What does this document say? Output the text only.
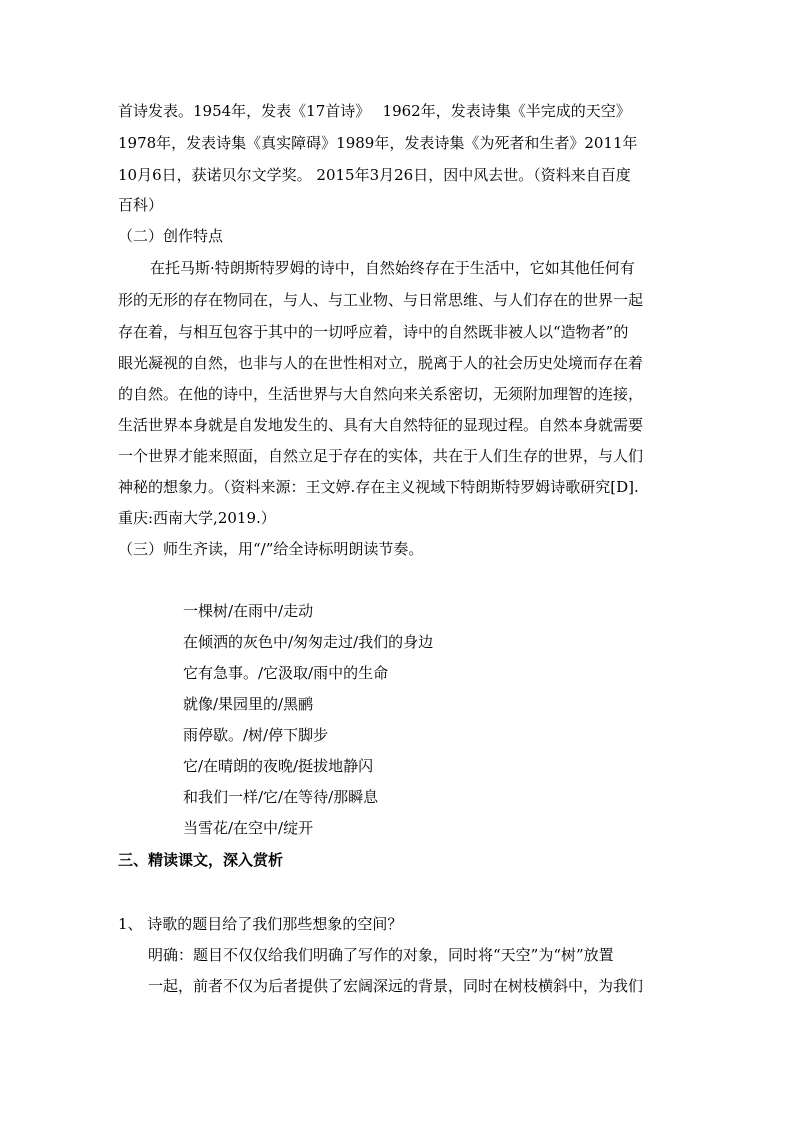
首诗发表。1954年，发表《17首诗》　 1962年，发表诗集《半完成的天空》
1978年，发表诗集《真实障碍》1989年，发表诗集《为死者和生者》2011年
10月6日，获诺贝尔文学奖。 2015年3月26日，因中风去世。（资料来自百度
百科）
（二）创作特点
在托马斯·特朗斯特罗姆的诗中，自然始终存在于生活中，它如其他任何有
形的无形的存在物同在，与人、与工业物、与日常思维、与人们存在的世界一起
存在着，与相互包容于其中的一切呼应着，诗中的自然既非被人以“造物者”的
眼光凝视的自然，也非与人的在世性相对立，脱离于人的社会历史处境而存在着
的自然。在他的诗中，生活世界与大自然向来关系密切，无须附加理智的连接，
生活世界本身就是自发地发生的、具有大自然特征的显现过程。自然本身就需要
一个世界才能来照面，自然立足于存在的实体，共在于人们生存的世界，与人们
神秘的想象力。（资料来源：王文婷.存在主义视域下特朗斯特罗姆诗歌研究[D].
重庆:西南大学,2019.）
（三）师生齐读，用“/”给全诗标明朗读节奏。
一棵树/在雨中/走动
在倾洒的灰色中/匆匆走过/我们的身边
它有急事。/它汲取/雨中的生命
就像/果园里的/黑鹂
雨停歇。/树/停下脚步
它/在晴朗的夜晚/挺拔地静闪
和我们一样/它/在等待/那瞬息
当雪花/在空中/绽开
三、精读课文，深入赏析
1、 诗歌的题目给了我们那些想象的空间？
明确：题目不仅仅给我们明确了写作的对象，同时将“天空”为“树”放置
一起，前者不仅为后者提供了宏阔深远的背景，同时在树枝横斜中，为我们
